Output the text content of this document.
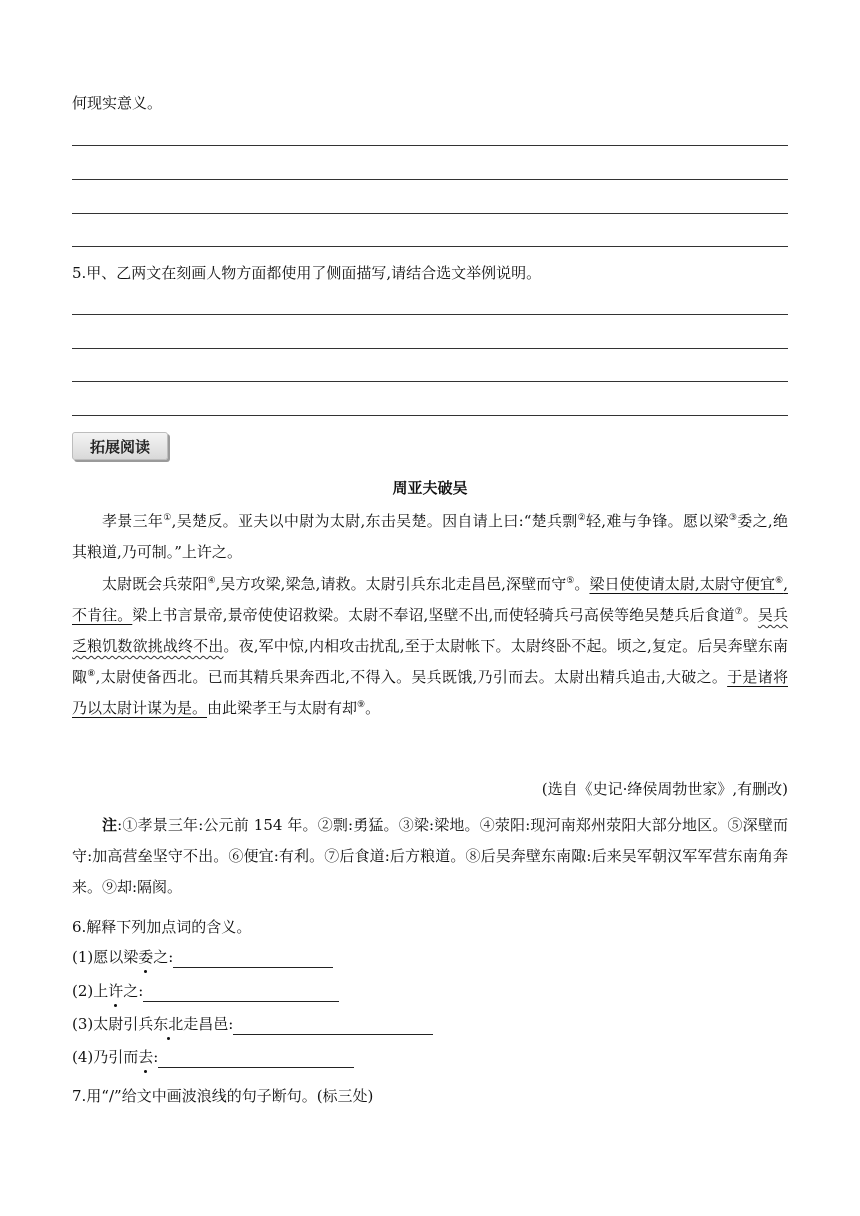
何现实意义。
5.甲、乙两文在刻画人物方面都使用了侧面描写,请结合选文举例说明。
拓展阅读
周亚夫破吴
孝景三年①,吴楚反。亚夫以中尉为太尉,东击吴楚。因自请上曰:“楚兵剽②轻,难与争锋。愿以梁③委之,绝其粮道,乃可制。”上许之。
太尉既会兵荥阳④,吴方攻梁,梁急,请救。太尉引兵东北走昌邑,深壁而守⑤。梁日使使请太尉,太尉守便宜⑥,不肯往。梁上书言景帝,景帝使使诏救梁。太尉不奉诏,坚壁不出,而使轻骑兵弓高侯等绝吴楚兵后食道⑦。吴兵乏粮饥数欲挑战终不出。夜,军中惊,内相攻击扰乱,至于太尉帐下。太尉终卧不起。顷之,复定。后吴奔壁东南陬⑧,太尉使备西北。已而其精兵果奔西北,不得入。吴兵既饿,乃引而去。太尉出精兵追击,大破之。于是诸将乃以太尉计谋为是。由此梁孝王与太尉有却⑨。
(选自《史记·绛侯周勃世家》,有删改)
注:①孝景三年:公元前 154 年。②剽:勇猛。③梁:梁地。④荥阳:现河南郑州荥阳大部分地区。⑤深壁而守:加高营垒坚守不出。⑥便宜:有利。⑦后食道:后方粮道。⑧后吴奔壁东南陬:后来吴军朝汉军军营东南角奔来。⑨却:隔阂。
6.解释下列加点词的含义。
(1)愿以梁委之:
(2)上许之:
(3)太尉引兵东北走昌邑:
(4)乃引而去:
7.用“/”给文中画波浪线的句子断句。(标三处)
